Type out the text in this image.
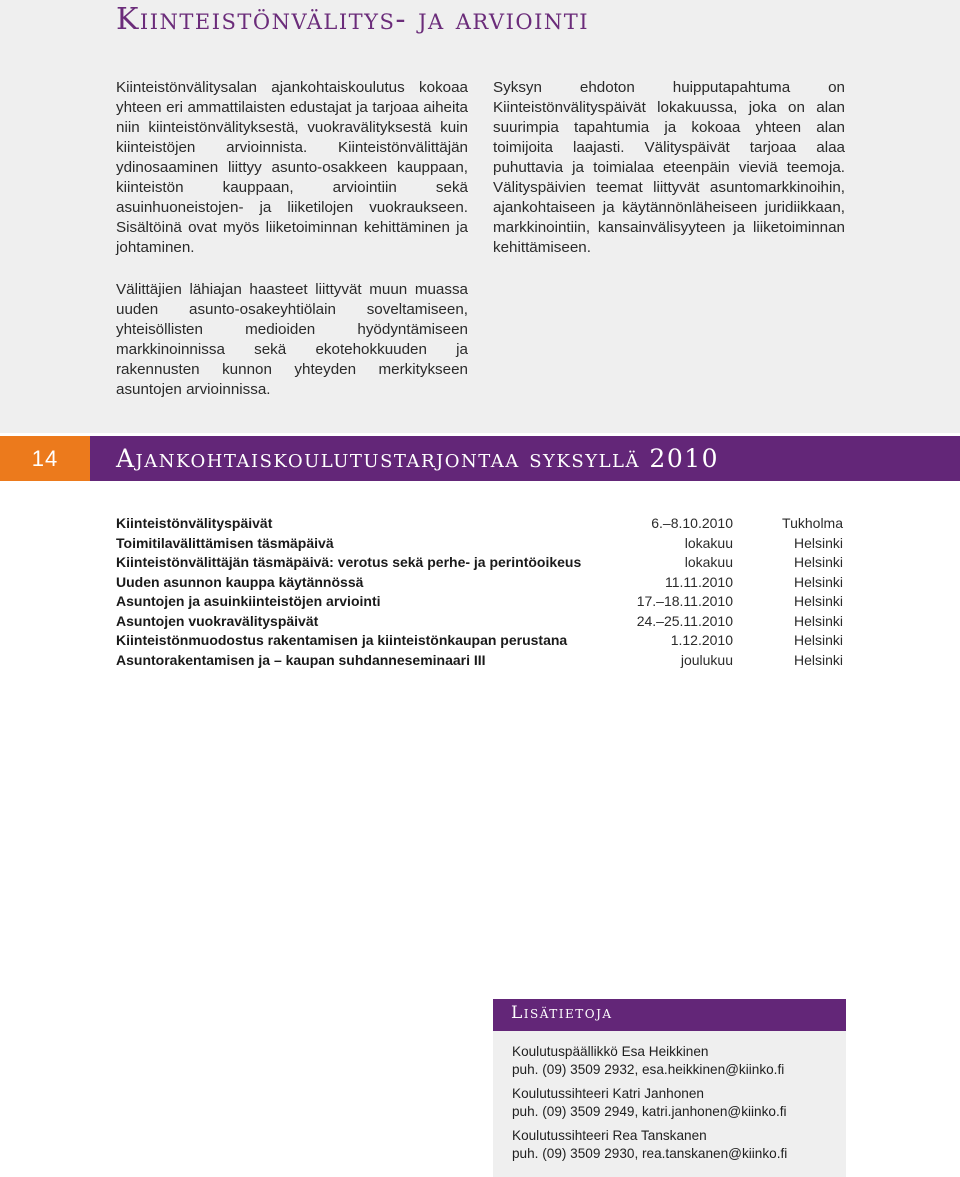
Kiinteistönvälitys- ja arviointi

Kiinteistönvälitysalan ajankohtaiskoulutus kokoaa yhteen eri ammattilaisten edustajat ja tarjoaa aiheita niin kiinteistönvälityksestä, vuokravälityksestä kuin kiinteistöjen arvioinnista. Kiinteistönvälittäjän ydinosaaminen liittyy asunto-osakkeen kauppaan, kiinteistön kauppaan, arviointiin sekä asuinhuoneistojen- ja liiketilojen vuokraukseen. Sisältöinä ovat myös liiketoiminnan kehittäminen ja johtaminen.

Välittäjien lähiajan haasteet liittyvät muun muassa uuden asunto-osakeyhtiölain soveltamiseen, yhteisöllisten medioiden hyödyntämiseen markkinoinnissa sekä ekotehokkuuden ja rakennusten kunnon yhteyden merkitykseen asuntojen arvioinnissa.

Syksyn ehdoton huipputapahtuma on Kiinteistönvälityspäivät lokakuussa, joka on alan suurimpia tapahtumia ja kokoaa yhteen alan toimijoita laajasti. Välityspäivät tarjoaa alaa puhuttavia ja toimialaa eteenpäin vieviä teemoja. Välityspäivien teemat liittyvät asuntomarkkinoihin, ajankohtaiseen ja käytännönläheiseen juridiikkaan, markkinointiin, kansainvälisyyteen ja liiketoiminnan kehittämiseen.

14	Ajankohtaiskoulutustarjontaa syksyllä 2010
Kiinteistönvälityspäivät	6.–8.10.2010	Tukholma
Toimitilavälittämisen täsmäpäivä	lokakuu	Helsinki
Kiinteistönvälittäjän täsmäpäivä: verotus sekä perhe- ja perintöoikeus	lokakuu	Helsinki
Uuden asunnon kauppa käytännössä	11.11.2010	Helsinki
Asuntojen ja asuinkiinteistöjen arviointi	17.–18.11.2010	Helsinki
Asuntojen vuokravälityspäivät	24.–25.11.2010	Helsinki
Kiinteistönmuodostus rakentamisen ja kiinteistönkaupan perustana	1.12.2010	Helsinki
Asuntorakentamisen ja – kaupan suhdanneseminaari III	joulukuu	Helsinki
Lisätietoja
Koulutuspäällikkö Esa Heikkinen
puh. (09) 3509 2932, esa.heikkinen@kiinko.fi
Koulutussihteeri Katri Janhonen
puh. (09) 3509 2949, katri.janhonen@kiinko.fi
Koulutussihteeri Rea Tanskanen
puh. (09) 3509 2930, rea.tanskanen@kiinko.fi
